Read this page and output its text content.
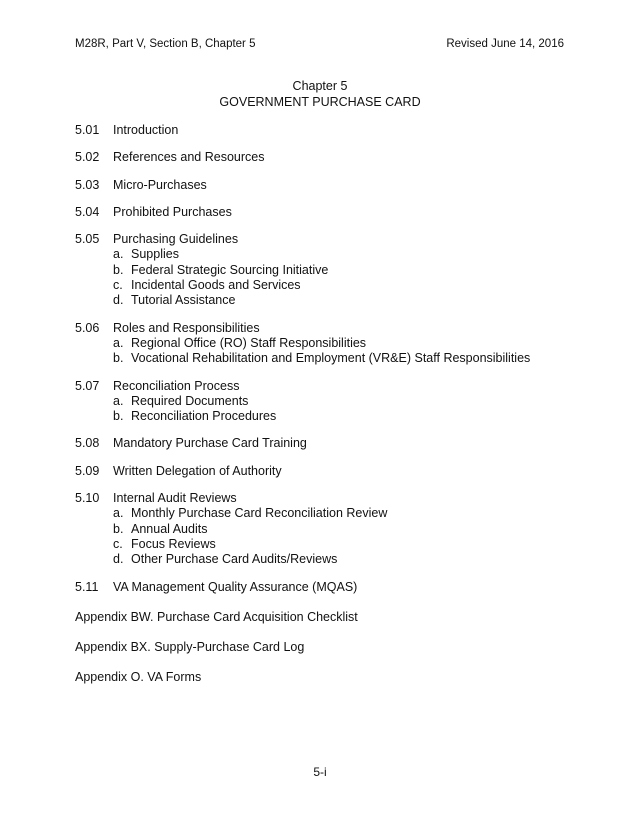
M28R, Part V, Section B, Chapter 5	Revised June 14, 2016
Chapter 5
GOVERNMENT PURCHASE CARD
5.01 Introduction
5.02 References and Resources
5.03 Micro-Purchases
5.04 Prohibited Purchases
5.05 Purchasing Guidelines
a. Supplies
b. Federal Strategic Sourcing Initiative
c. Incidental Goods and Services
d. Tutorial Assistance
5.06 Roles and Responsibilities
a. Regional Office (RO) Staff Responsibilities
b. Vocational Rehabilitation and Employment (VR&E) Staff Responsibilities
5.07 Reconciliation Process
a. Required Documents
b. Reconciliation Procedures
5.08 Mandatory Purchase Card Training
5.09 Written Delegation of Authority
5.10 Internal Audit Reviews
a. Monthly Purchase Card Reconciliation Review
b. Annual Audits
c. Focus Reviews
d. Other Purchase Card Audits/Reviews
5.11 VA Management Quality Assurance (MQAS)
Appendix BW. Purchase Card Acquisition Checklist
Appendix BX. Supply-Purchase Card Log
Appendix O. VA Forms
5-i
